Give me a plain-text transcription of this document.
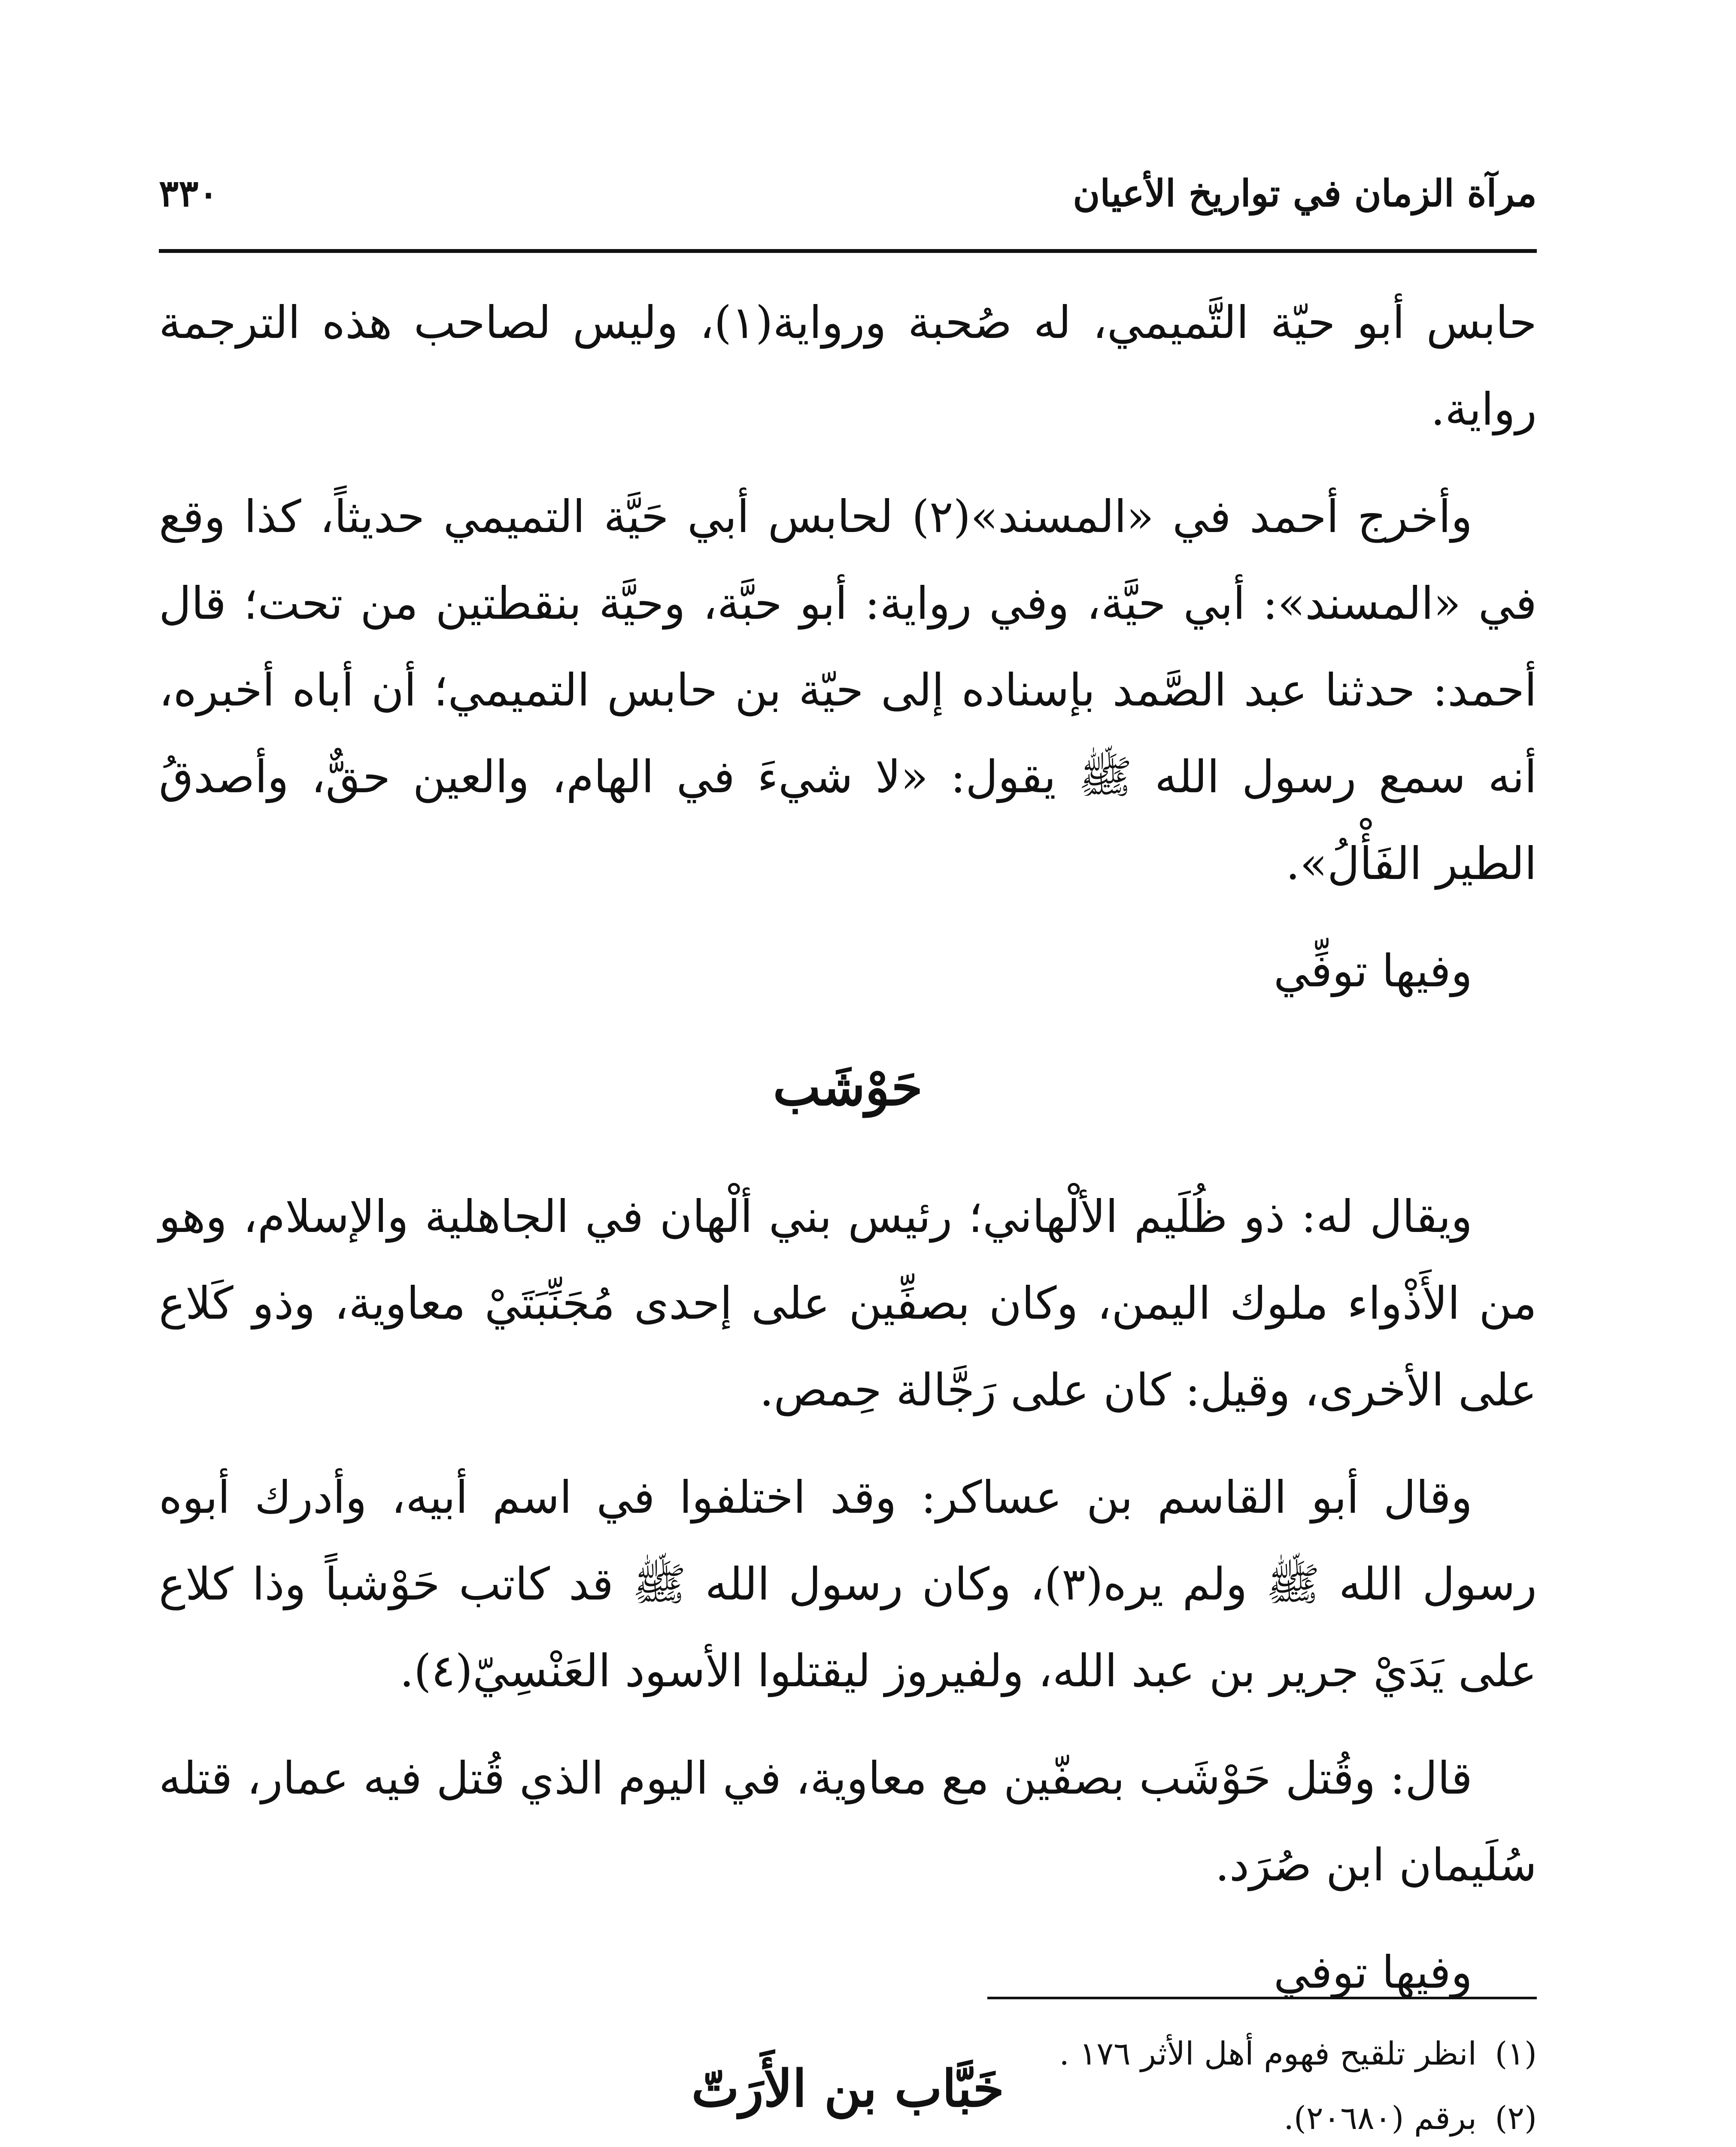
مرآة الزمان في تواريخ الأعيان
٣٣٠

حابس أبو حيّة التَّميمي، له صُحبة ورواية(١)، وليس لصاحب هذه الترجمة رواية.

وأخرج أحمد في «المسند»(٢) لحابس أبي حَيَّة التميمي حديثاً، كذا وقع في «المسند»: أبي حيَّة، وفي رواية: أبو حبَّة، وحيَّة بنقطتين من تحت؛ قال أحمد: حدثنا عبد الصَّمد بإسناده إلى حيّة بن حابس التميمي؛ أن أباه أخبره، أنه سمع رسول الله ﷺ يقول: «لا شيءَ في الهام، والعين حقٌّ، وأصدقُ الطير الفَأْلُ».

وفيها توفِّي

حَوْشَب

ويقال له: ذو ظُلَيم الألْهاني؛ رئيس بني ألْهان في الجاهلية والإسلام، وهو من الأَذْواء ملوك اليمن، وكان بصفِّين على إحدى مُجَنِّبَتَيْ معاوية، وذو كَلاع على الأخرى، وقيل: كان على رَجَّالة حِمص.

وقال أبو القاسم بن عساكر: وقد اختلفوا في اسم أبيه، وأدرك أبوه رسول الله ﷺ ولم يره(٣)، وكان رسول الله ﷺ قد كاتب حَوْشباً وذا كلاع على يَدَيْ جرير بن عبد الله، ولفيروز ليقتلوا الأسود العَنْسِيّ(٤).

قال: وقُتل حَوْشَب بصفّين مع معاوية، في اليوم الذي قُتل فيه عمار، قتله سُلَيمان ابن صُرَد.

وفيها توفي

خَبَّاب بن الأَرَتّ

(١)
انظر تلقيح فهوم أهل الأثر ١٧٦ .
(٢)
برقم (٢٠٦٨٠).
